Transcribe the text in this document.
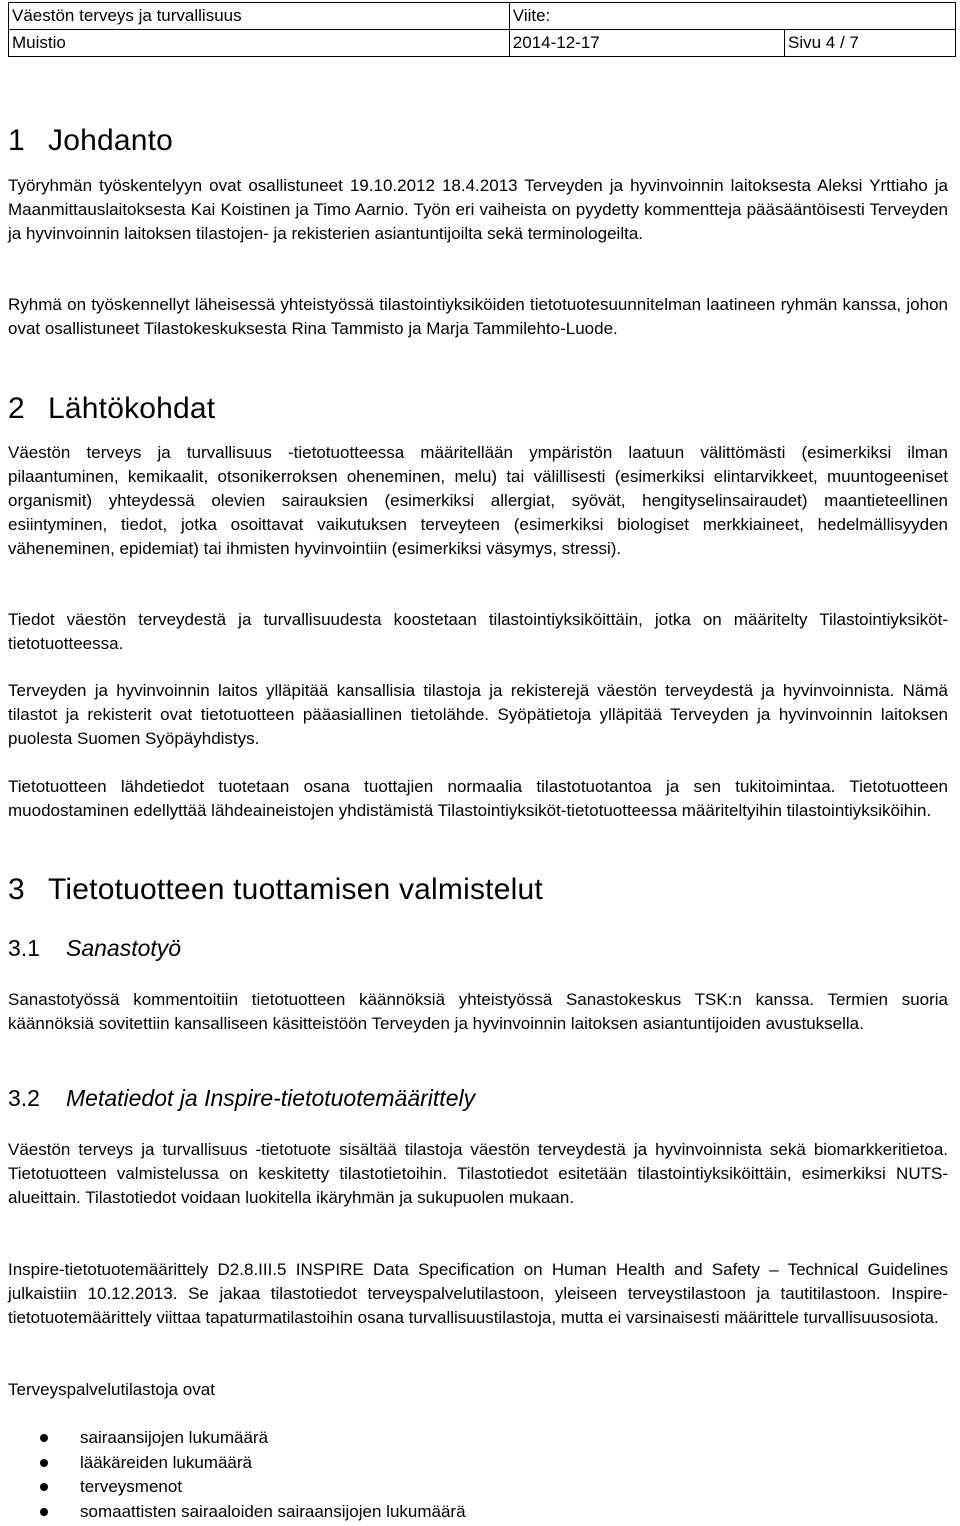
Väestön terveys ja turvallisuus	Viite:	
Muistio	2014-12-17	Sivu 4 / 7
1 Johdanto

Työryhmän työskentelyyn ovat osallistuneet 19.10.2012 18.4.2013 Terveyden ja hyvinvoinnin laitoksesta Aleksi Yrttiaho ja Maanmittauslaitoksesta Kai Koistinen ja Timo Aarnio. Työn eri vaiheista on pyydetty kommentteja pääsääntöisesti Terveyden ja hyvinvoinnin laitoksen tilastojen- ja rekisterien asiantuntijoilta sekä terminologeilta.

Ryhmä on työskennellyt läheisessä yhteistyössä tilastointiyksiköiden tietotuotesuunnitelman laatineen ryhmän kanssa, johon ovat osallistuneet Tilastokeskuksesta Rina Tammisto ja Marja Tammilehto-Luode.

2 Lähtökohdat

Väestön terveys ja turvallisuus -tietotuotteessa määritellään ympäristön laatuun välittömästi (esimerkiksi ilman pilaantuminen, kemikaalit, otsonikerroksen oheneminen, melu) tai välillisesti (esimerkiksi elintarvikkeet, muuntogeeniset organismit) yhteydessä olevien sairauksien (esimerkiksi allergiat, syövät, hengityselinsairaudet) maantieteellinen esiintyminen, tiedot, jotka osoittavat vaikutuksen terveyteen (esimerkiksi biologiset merkkiaineet, hedelmällisyyden väheneminen, epidemiat) tai ihmisten hyvinvointiin (esimerkiksi väsymys, stressi).

Tiedot väestön terveydestä ja turvallisuudesta koostetaan tilastointiyksiköittäin, jotka on määritelty Tilastointiyksiköt-tietotuotteessa.

Terveyden ja hyvinvoinnin laitos ylläpitää kansallisia tilastoja ja rekisterejä väestön terveydestä ja hyvinvoinnista. Nämä tilastot ja rekisterit ovat tietotuotteen pääasiallinen tietolähde. Syöpätietoja ylläpitää Terveyden ja hyvinvoinnin laitoksen puolesta Suomen Syöpäyhdistys.

Tietotuotteen lähdetiedot tuotetaan osana tuottajien normaalia tilastotuotantoa ja sen tukitoimintaa. Tietotuotteen muodostaminen edellyttää lähdeaineistojen yhdistämistä Tilastointiyksiköt-tietotuotteessa määriteltyihin tilastointiyksiköihin.

3 Tietotuotteen tuottamisen valmistelut
3.1 Sanastotyö

Sanastotyössä kommentoitiin tietotuotteen käännöksiä yhteistyössä Sanastokeskus TSK:n kanssa. Termien suoria käännöksiä sovitettiin kansalliseen käsitteistöön Terveyden ja hyvinvoinnin laitoksen asiantuntijoiden avustuksella.

3.2 Metatiedot ja Inspire-tietotuotemäärittely

Väestön terveys ja turvallisuus -tietotuote sisältää tilastoja väestön terveydestä ja hyvinvoinnista sekä biomarkkeritietoa. Tietotuotteen valmistelussa on keskitetty tilastotietoihin. Tilastotiedot esitetään tilastointiyksiköittäin, esimerkiksi NUTS-alueittain. Tilastotiedot voidaan luokitella ikäryhmän ja sukupuolen mukaan.

Inspire-tietotuotemäärittely D2.8.III.5 INSPIRE Data Specification on Human Health and Safety – Technical Guidelines julkaistiin 10.12.2013. Se jakaa tilastotiedot terveyspalvelutilastoon, yleiseen terveystilastoon ja tautitilastoon. Inspire-tietotuotemäärittely viittaa tapaturmatilastoihin osana turvallisuustilastoja, mutta ei varsinaisesti määrittele turvallisuusosiota.

Terveyspalvelutilastoja ovat

sairaansijojen lukumäärä
lääkäreiden lukumäärä
terveysmenot
somaattisten sairaaloiden sairaansijojen lukumäärä
